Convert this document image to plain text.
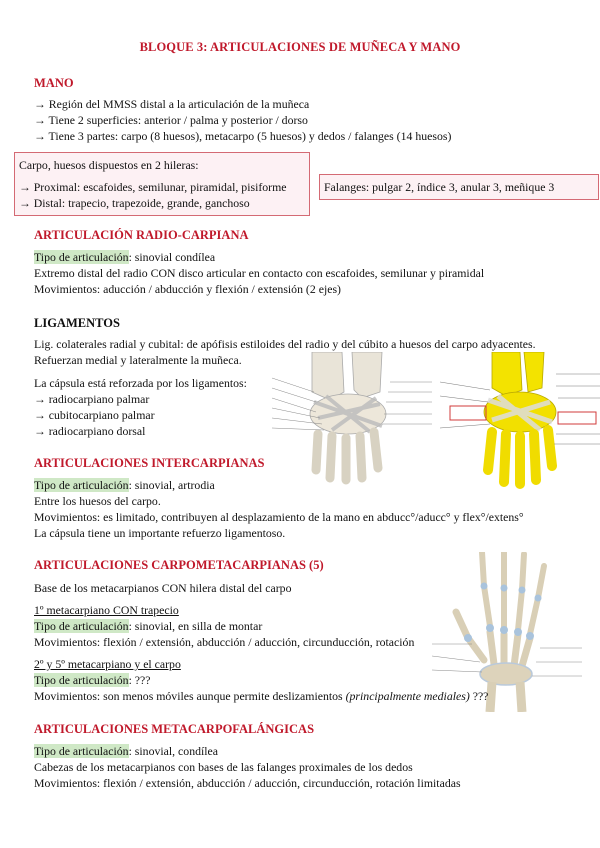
BLOQUE 3: ARTICULACIONES DE MUÑECA Y MANO
MANO
→ Región del MMSS distal a la articulación de la muñeca
→ Tiene 2 superficies: anterior / palma y posterior / dorso
→ Tiene 3 partes: carpo (8 huesos), metacarpo (5 huesos) y dedos / falanges (14 huesos)
Carpo, huesos dispuestos en 2 hileras:
→ Proximal: escafoides, semilunar, piramidal, pisiforme
→ Distal: trapecio, trapezoide, grande, ganchoso
Falanges: pulgar 2, índice 3, anular 3, meñique 3
ARTICULACIÓN RADIO-CARPIANA
Tipo de articulación: sinovial condílea
Extremo distal del radio CON disco articular en contacto con escafoides, semilunar y piramidal
Movimientos: aducción / abducción y flexión / extensión (2 ejes)
LIGAMENTOS
Lig. colaterales radial y cubital: de apófisis estiloides del radio y del cúbito a huesos del carpo adyacentes.
Refuerzan medial y lateralmente la muñeca.
La cápsula está reforzada por los ligamentos:
→ radiocarpiano palmar
→ cubitocarpiano palmar
→ radiocarpiano dorsal
ARTICULACIONES INTERCARPIANAS
Tipo de articulación: sinovial, artrodia
Entre los huesos del carpo.
Movimientos: es limitado, contribuyen al desplazamiento de la mano en abducc°/aducc° y flex°/extens°
La cápsula tiene un importante refuerzo ligamentoso.
ARTICULACIONES CARPOMETACARPIANAS (5)
Base de los metacarpianos CON hilera distal del carpo
1º metacarpiano CON trapecio
Tipo de articulación: sinovial, en silla de montar
Movimientos: flexión / extensión, abducción / aducción, circunducción, rotación
2º y 5º metacarpiano y el carpo
Tipo de articulación: ???
Movimientos: son menos móviles aunque permite deslizamientos (principalmente mediales) ???
ARTICULACIONES METACARPOFALÁNGICAS
Tipo de articulación: sinovial, condílea
Cabezas de los metacarpianos con bases de las falanges proximales de los dedos
Movimientos: flexión / extensión, abducción / aducción, circunducción, rotación limitadas
